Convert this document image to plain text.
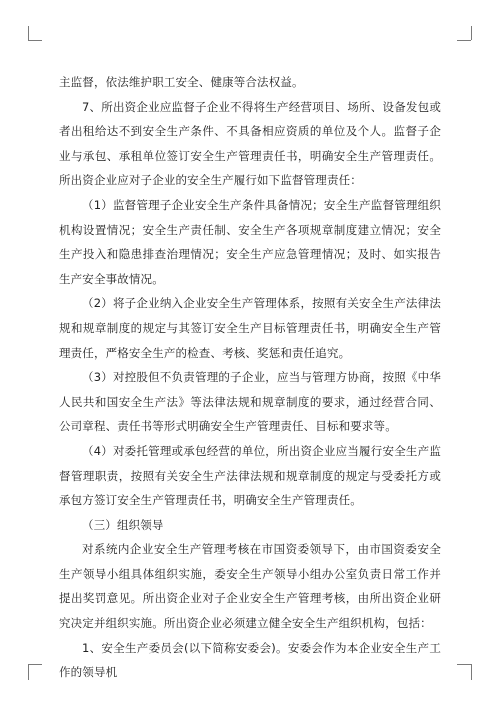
主监督，依法维护职工安全、健康等合法权益。

7、所出资企业应监督子企业不得将生产经营项目、场所、设备发包或者出租给达不到安全生产条件、不具备相应资质的单位及个人。监督子企业与承包、承租单位签订安全生产管理责任书，明确安全生产管理责任。所出资企业应对子企业的安全生产履行如下监督管理责任：

（1）监督管理子企业安全生产条件具备情况；安全生产监督管理组织机构设置情况；安全生产责任制、安全生产各项规章制度建立情况；安全生产投入和隐患排查治理情况；安全生产应急管理情况；及时、如实报告生产安全事故情况。

（2）将子企业纳入企业安全生产管理体系，按照有关安全生产法律法规和规章制度的规定与其签订安全生产目标管理责任书，明确安全生产管理责任，严格安全生产的检查、考核、奖惩和责任追究。

（3）对控股但不负责管理的子企业，应当与管理方协商，按照《中华人民共和国安全生产法》等法律法规和规章制度的要求，通过经营合同、公司章程、责任书等形式明确安全生产管理责任、目标和要求等。

（4）对委托管理或承包经营的单位，所出资企业应当履行安全生产监督管理职责，按照有关安全生产法律法规和规章制度的规定与受委托方或承包方签订安全生产管理责任书，明确安全生产管理责任。

（三）组织领导

对系统内企业安全生产管理考核在市国资委领导下，由市国资委安全生产领导小组具体组织实施，委安全生产领导小组办公室负责日常工作并提出奖罚意见。所出资企业对子企业安全生产管理考核，由所出资企业研究决定并组织实施。所出资企业必须建立健全安全生产组织机构，包括：

1、安全生产委员会(以下简称安委会)。安委会作为本企业安全生产工作的领导机
